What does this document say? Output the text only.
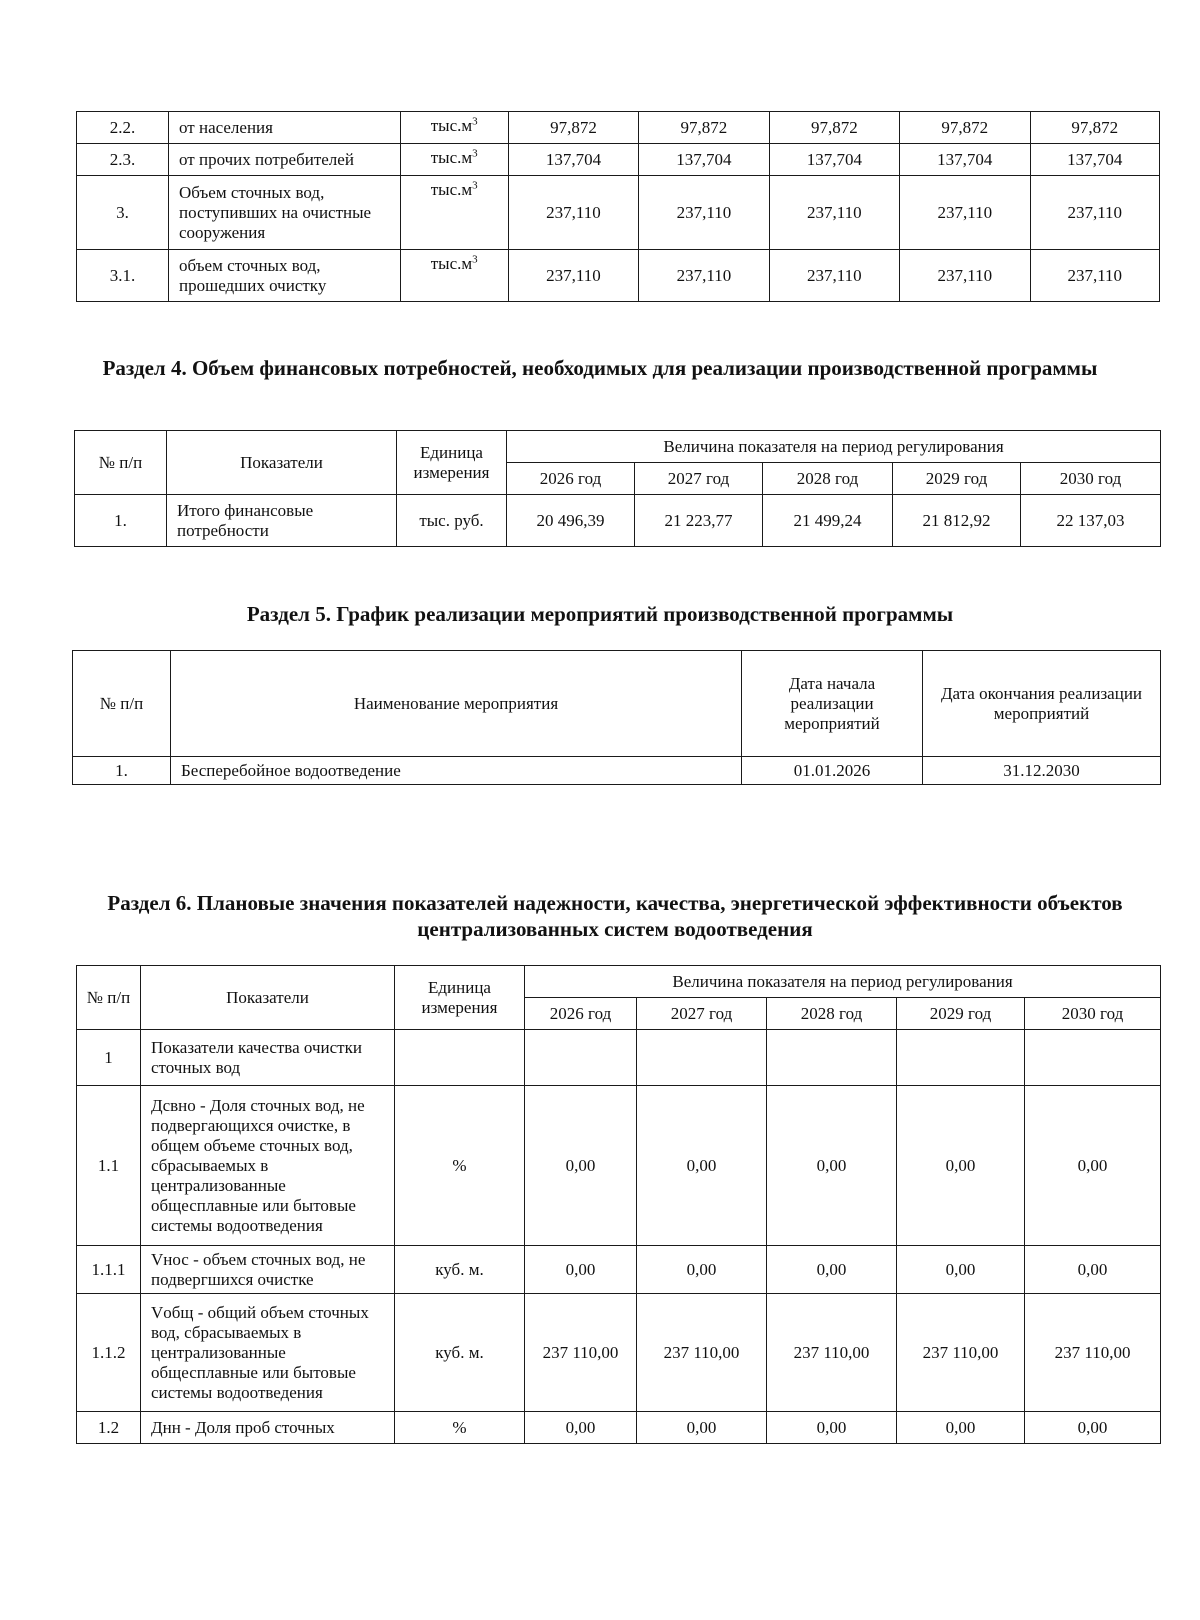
2.2.	от населения	$тыс.м^3$	97,872	97,872	97,872	97,872	97,872
2.3.	от прочих потребителей	$тыс.м^3$	137,704	137,704	137,704	137,704	137,704
3.	Объем сточных вод, поступивших на очистные сооружения	$тыс.м^3$	237,110	237,110	237,110	237,110	237,110
3.1.	объем сточных вод, прошедших очистку	$тыс.м^3$	237,110	237,110	237,110	237,110	237,110
Раздел 4. Объем финансовых потребностей, необходимых для реализации производственной программы
№ п/п	Показатели	Единица измерения	Величина показателя на период регулирования				
			2026 год	2027 год	2028 год	2029 год	2030 год
1.	Итого финансовые потребности	тыс. руб.	20 496,39	21 223,77	21 499,24	21 812,92	22 137,03
Раздел 5. График реализации мероприятий производственной программы
№ п/п	Наименование мероприятия	Дата начала реализации мероприятий	Дата окончания реализации мероприятий
1.	Бесперебойное водоотведение	01.01.2026	31.12.2030
Раздел 6. Плановые значения показателей надежности, качества, энергетической эффективности объектов централизованных систем водоотведения
№ п/п	Показатели	Единица измерения	Величина показателя на период регулирования				
			2026 год	2027 год	2028 год	2029 год	2030 год
1	Показатели качества очистки сточных вод						
1.1	Дсвно - Доля сточных вод, не подвергающихся очистке, в общем объеме сточных вод, сбрасываемых в централизованные общесплавные или бытовые системы водоотведения	%	0,00	0,00	0,00	0,00	0,00
1.1.1	Vнос - объем сточных вод, не подвергшихся очистке	куб. м.	0,00	0,00	0,00	0,00	0,00
1.1.2	Vобщ - общий объем сточных вод, сбрасываемых в централизованные общесплавные или бытовые системы водоотведения	куб. м.	237 110,00	237 110,00	237 110,00	237 110,00	237 110,00
1.2	Днн - Доля проб сточных	%	0,00	0,00	0,00	0,00	0,00
